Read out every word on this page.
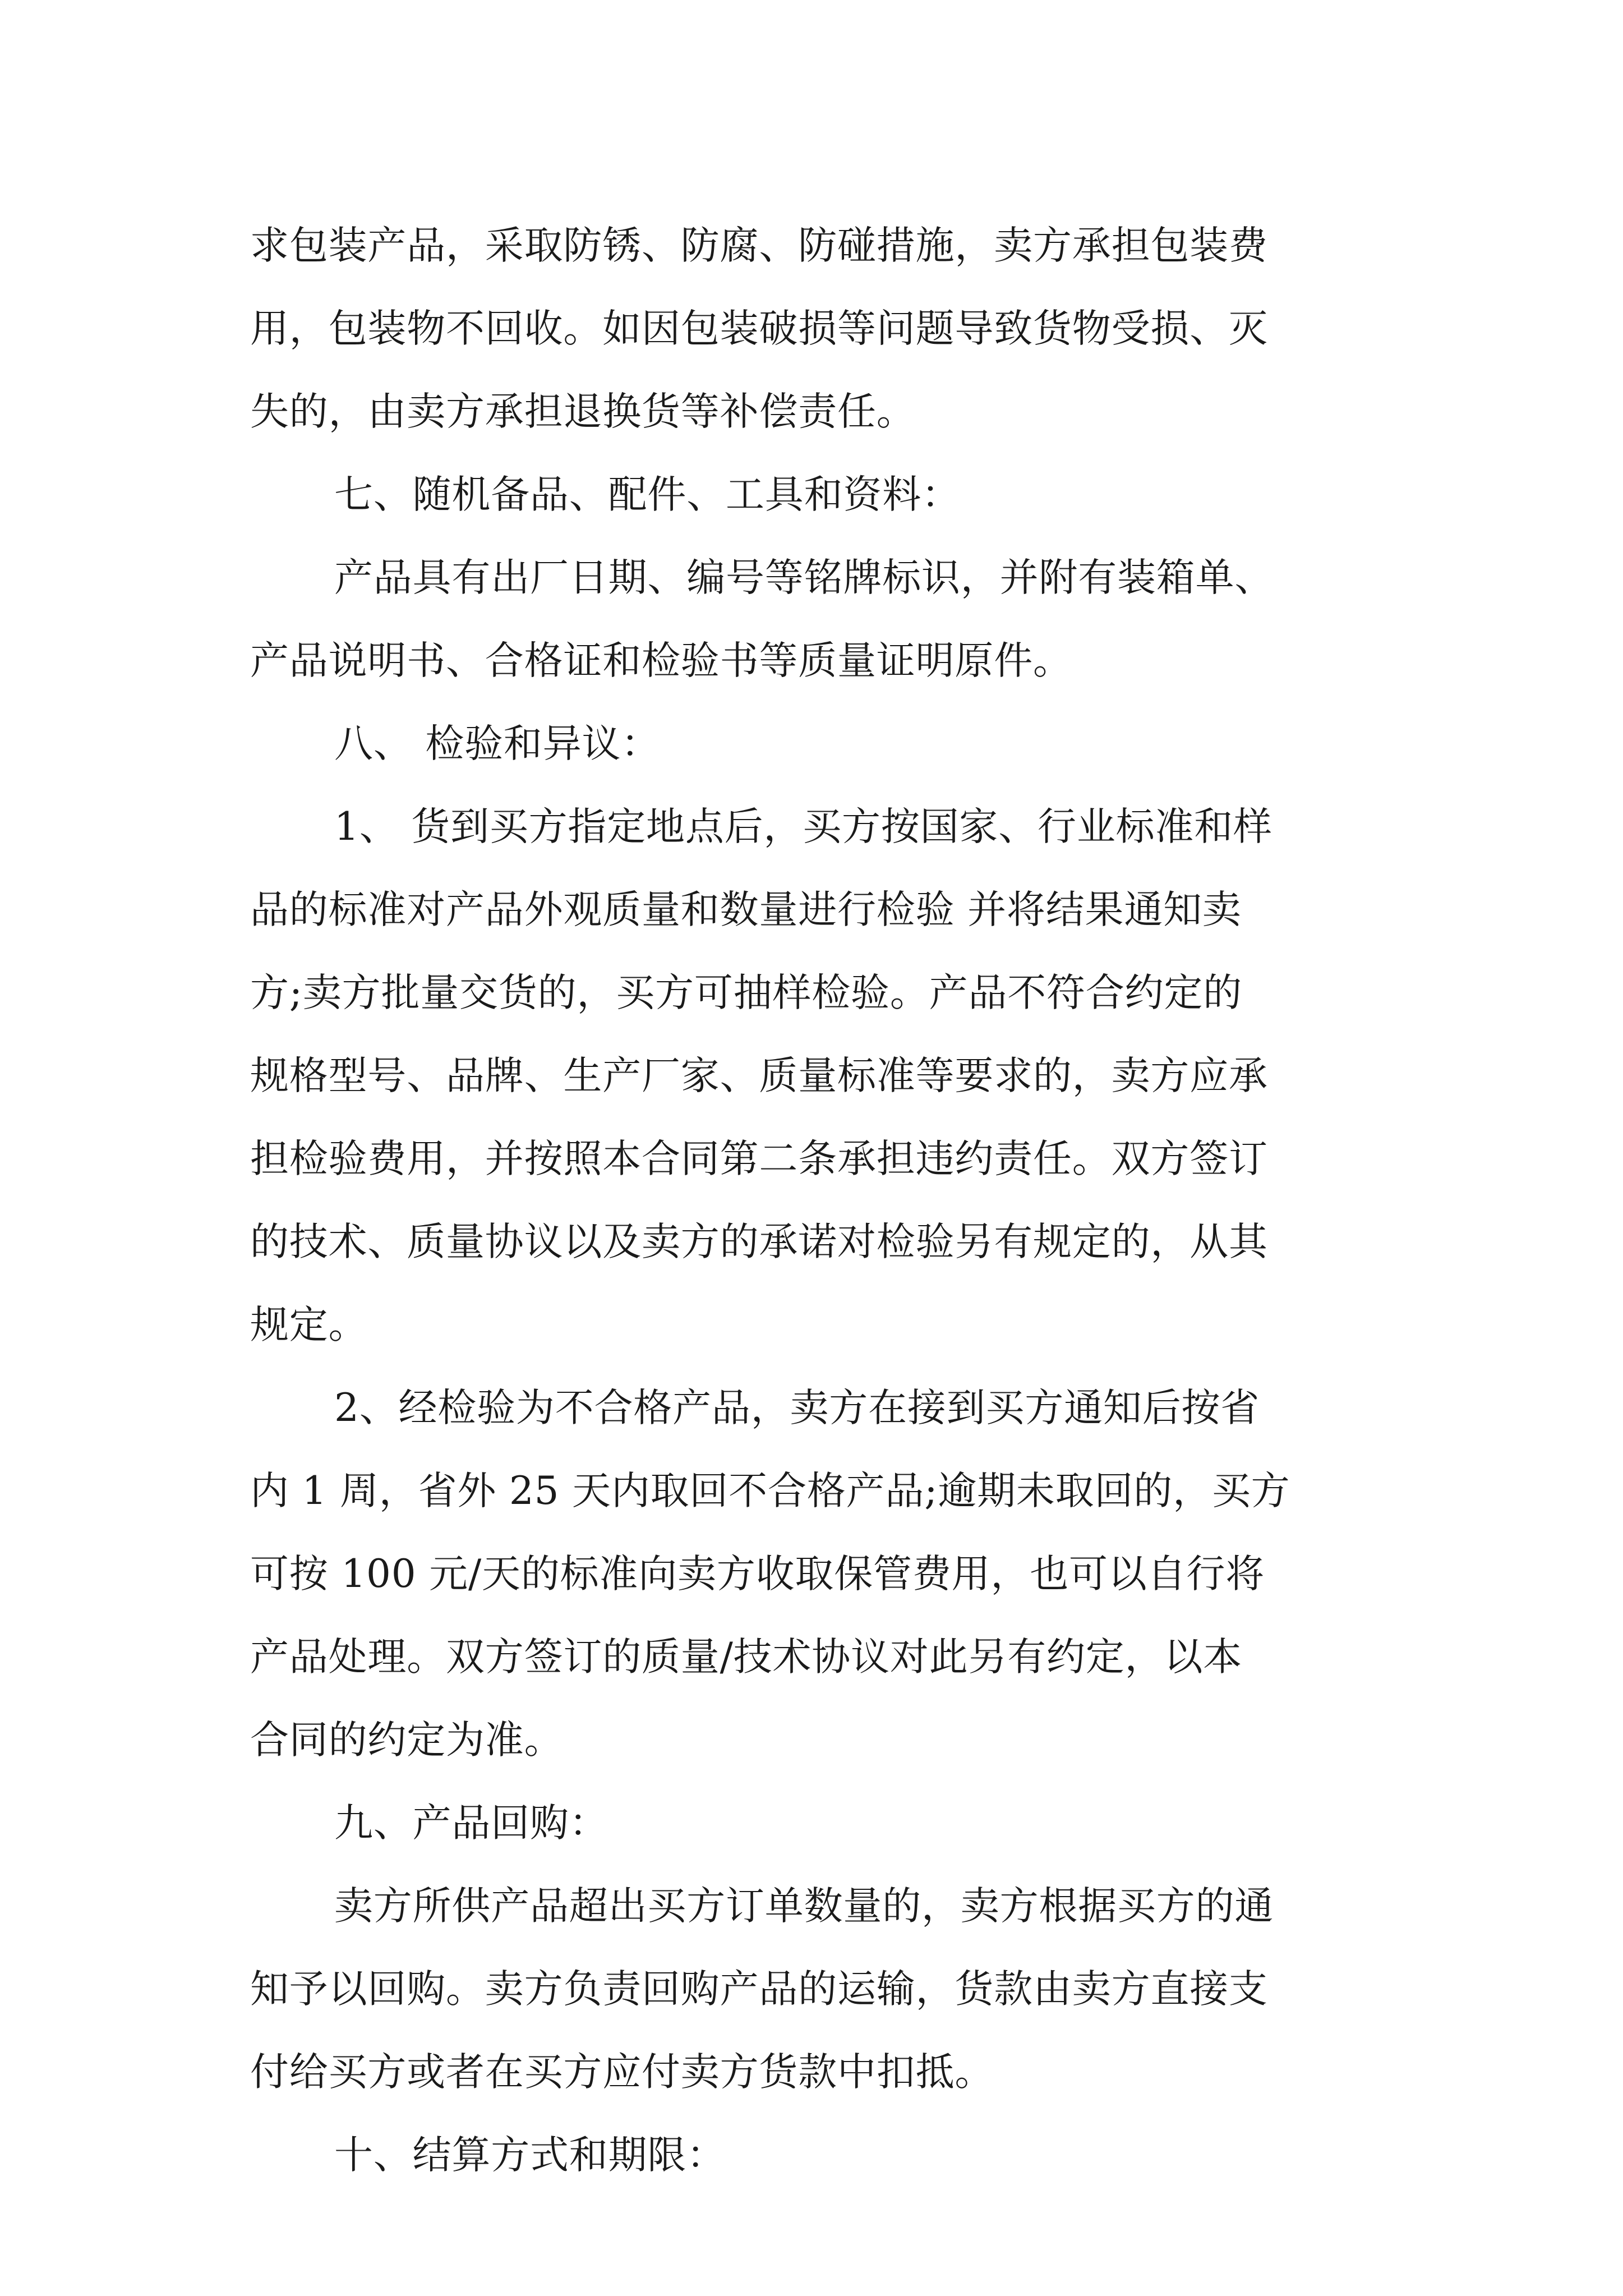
求包装产品，采取防锈、防腐、防碰措施，卖方承担包装费
用，包装物不回收。如因包装破损等问题导致货物受损、灭
失的，由卖方承担退换货等补偿责任。
七、随机备品、配件、工具和资料：
产品具有出厂日期、编号等铭牌标识，并附有装箱单、
产品说明书、合格证和检验书等质量证明原件。
八、 检验和异议：
1、 货到买方指定地点后，买方按国家、行业标准和样
品的标准对产品外观质量和数量进行检验 并将结果通知卖
方;卖方批量交货的，买方可抽样检验。产品不符合约定的
规格型号、品牌、生产厂家、质量标准等要求的，卖方应承
担检验费用，并按照本合同第二条承担违约责任。双方签订
的技术、质量协议以及卖方的承诺对检验另有规定的，从其
规定。
2、经检验为不合格产品，卖方在接到买方通知后按省
内 1 周，省外 25 天内取回不合格产品;逾期未取回的，买方
可按 100 元/天的标准向卖方收取保管费用，也可以自行将
产品处理。双方签订的质量/技术协议对此另有约定，以本
合同的约定为准。
九、产品回购：
卖方所供产品超出买方订单数量的，卖方根据买方的通
知予以回购。卖方负责回购产品的运输，货款由卖方直接支
付给买方或者在买方应付卖方货款中扣抵。
十、结算方式和期限：
